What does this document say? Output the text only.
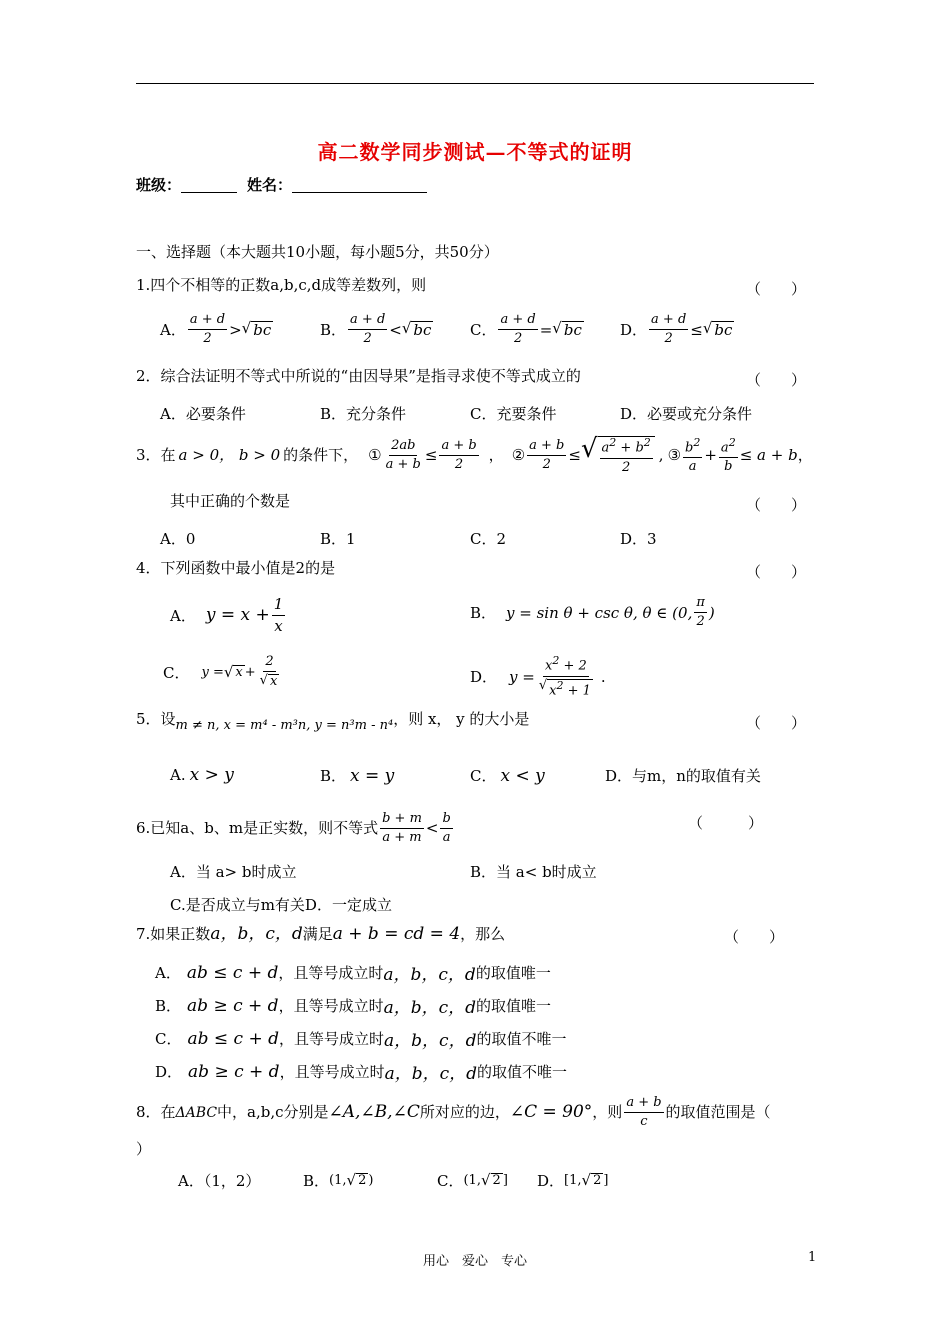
高二数学同步测试—不等式的证明
班级：	姓名：
一、选择题（本大题共10小题，每小题5分，共50分）
1.四个不相等的正数a,b,c,d成等差数列，则	（　　）
A． $\frac{a + d}{2}$ > √ bc	B． $\frac{a + d}{2}$ < √ bc	C． $\frac{a + d}{2}$ = √ bc	D． $\frac{a + d}{2}$ ≤ √ bc
2．综合法证明不等式中所说的“由因导果”是指寻求使不等式成立的	（　　）
A．必要条件	B．充分条件	C．充要条件	D．必要或充分条件
3．在 a > 0， b > 0 的条件下， ① $\frac{2ab}{a + b} \le \frac{a + b}{2}$ ， ② $\frac{a + b}{2}$ ≤ √ $\frac{a^2 + b^2}{2}$ , ③ $\frac{b^2}{a} + \frac{a^2}{b} \le a + b$ ，
其中正确的个数是	（　　）
A．0	B．1	C．2	D．3
4．下列函数中最小值是2的是	（　　）
A． $y = x + \frac{1}{x}$	B． y = sin θ + csc θ, θ ∈ (0, $\frac{\pi}{2}$ )
C． y = √ $x + \frac{2}{√ x}$	D． $y = \frac{x^2 + 2}{√ x^2 + 1}$ .
5．设 m ≠ n, x = m⁴ - m³n, y = n³m - n⁴ ，则 x， y 的大小是	（　　）
A. x > y	B． x = y	C． x < y	D．与m，n的取值有关
6.已知a、b、m是正实数，则不等式 $\frac{b + m}{a + m} < \frac{b}{a}$	（　　　）
A．当 a> b时成立	B．当 a< b时成立
C.是否成立与m有关D．一定成立
7.如果正数 a，b，c，d 满足 a + b = cd = 4 ，那么	（　　）
A． ab ≤ c + d ，且等号成立时 a，b，c，d 的取值唯一
B． ab ≥ c + d ，且等号成立时 a，b，c，d 的取值唯一
C． ab ≤ c + d ，且等号成立时 a，b，c，d 的取值不唯一
D． ab ≥ c + d ，且等号成立时 a，b，c，d 的取值不唯一
8．在 ΔABC 中，a,b,c分别是 ∠A,∠B,∠C 所对应的边， ∠C = 90° ，则 $\frac{a + b}{c}$ 的取值范围是（
）
A．（1，2）	B． (1, √ 2 )	C． (1, √ 2 ] D． [1, √ 2 ]
用心　爱心　专心	1
